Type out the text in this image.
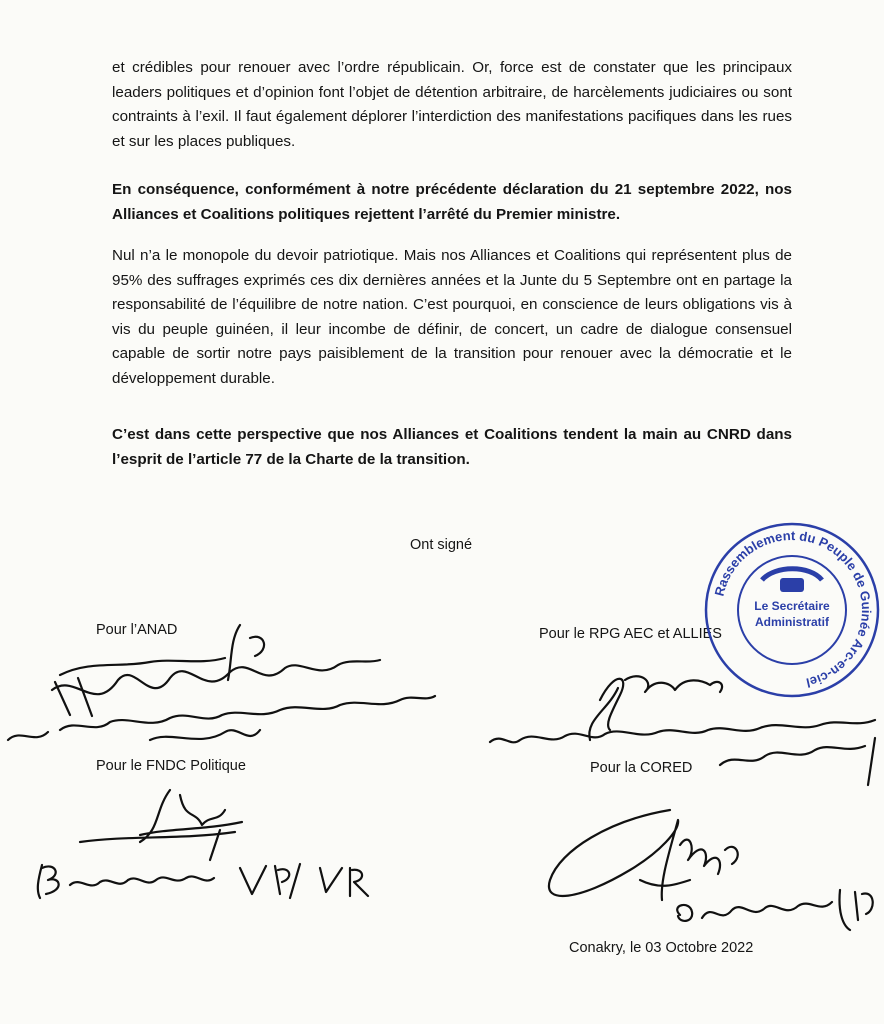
et crédibles pour renouer avec l’ordre républicain. Or, force est de constater que les principaux leaders politiques et d’opinion font l’objet de détention arbitraire, de harcèlements judiciaires ou sont contraints à l’exil. Il faut également déplorer l’interdiction des manifestations pacifiques dans les rues et sur les places publiques.

En conséquence, conformément à notre précédente déclaration du 21 septembre 2022, nos Alliances et Coalitions politiques rejettent l’arrêté du Premier ministre.

Nul n’a le monopole du devoir patriotique. Mais nos Alliances et Coalitions qui représentent plus de 95% des suffrages exprimés ces dix dernières années et la Junte du 5 Septembre ont en partage la responsabilité de l’équilibre de notre nation. C’est pourquoi, en conscience de leurs obligations vis à vis du peuple guinéen, il leur incombe de définir, de concert, un cadre de dialogue consensuel capable de sortir notre pays paisiblement de la transition pour renouer avec la démocratie et le développement durable.

C’est dans cette perspective que nos Alliances et Coalitions tendent la main au CNRD dans l’esprit de l’article 77 de la Charte de la transition.

Ont signé
Pour l’ANAD	Pour le RPG AEC et ALLIES
Pour le FNDC Politique	Pour la CORED
Rassemblement du Peuple de Guinée Arc-en-ciel
Le Secrétaire
Administratif
Conakry, le 03 Octobre 2022
